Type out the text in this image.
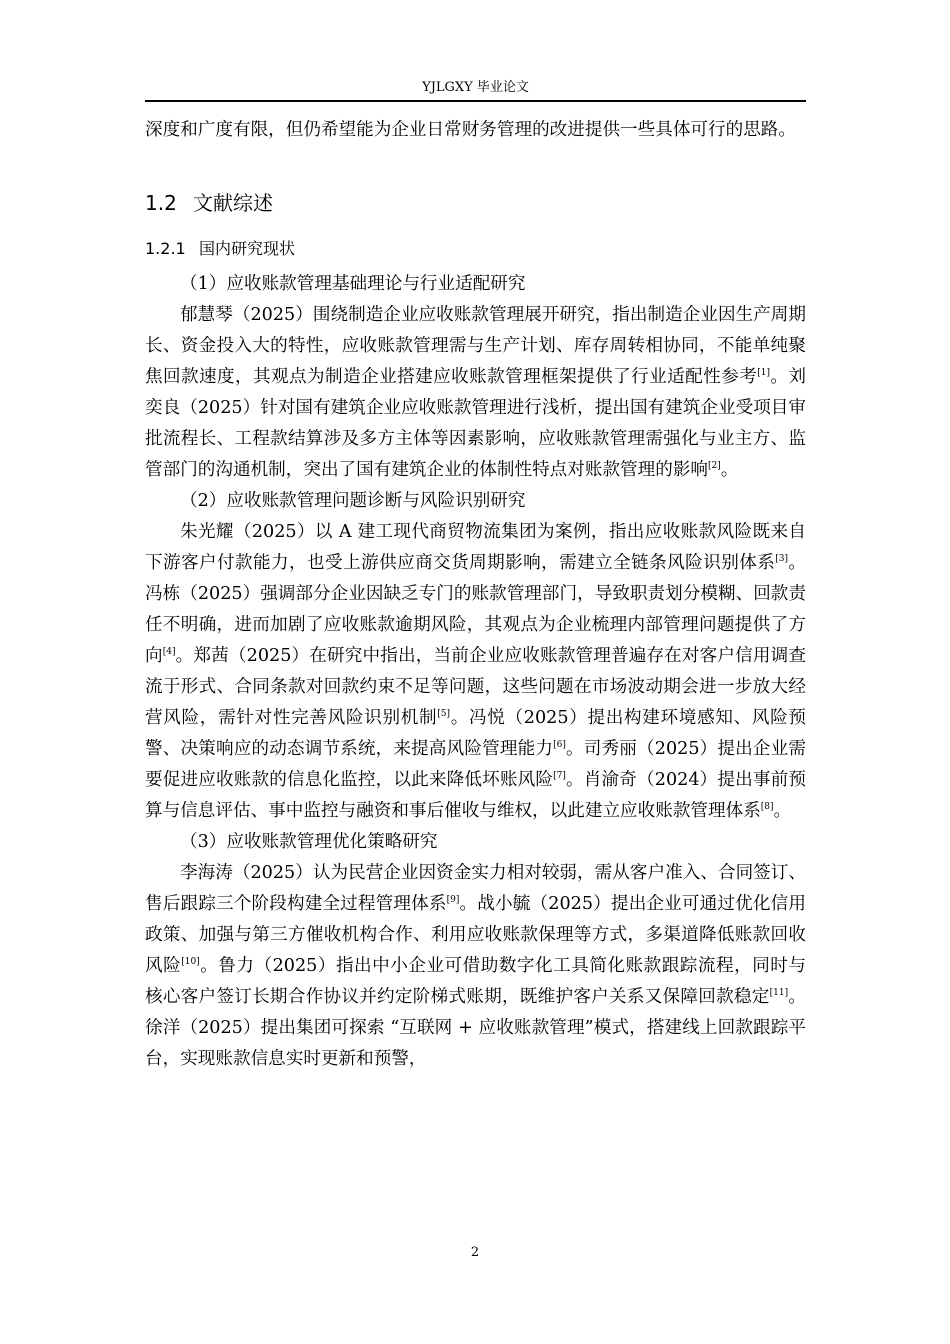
YJLGXY 毕业论文

深度和广度有限，但仍希望能为企业日常财务管理的改进提供一些具体可行的思路。

1.2 文献综述
1.2.1 国内研究现状

（1）应收账款管理基础理论与行业适配研究

郁慧琴（2025）围绕制造企业应收账款管理展开研究，指出制造企业因生产周期长、资金投入大的特性，应收账款管理需与生产计划、库存周转相协同，不能单纯聚焦回款速度，其观点为制造企业搭建应收账款管理框架提供了行业适配性参考[1]。刘奕良（2025）针对国有建筑企业应收账款管理进行浅析，提出国有建筑企业受项目审批流程长、工程款结算涉及多方主体等因素影响，应收账款管理需强化与业主方、监管部门的沟通机制，突出了国有建筑企业的体制性特点对账款管理的影响[2]。

（2）应收账款管理问题诊断与风险识别研究

朱光耀（2025）以 A 建工现代商贸物流集团为案例，指出应收账款风险既来自下游客户付款能力，也受上游供应商交货周期影响，需建立全链条风险识别体系[3]。冯栋（2025）强调部分企业因缺乏专门的账款管理部门，导致职责划分模糊、回款责任不明确，进而加剧了应收账款逾期风险，其观点为企业梳理内部管理问题提供了方向[4]。郑茜（2025）在研究中指出，当前企业应收账款管理普遍存在对客户信用调查流于形式、合同条款对回款约束不足等问题，这些问题在市场波动期会进一步放大经营风险，需针对性完善风险识别机制[5]。冯悦（2025）提出构建环境感知、风险预警、决策响应的动态调节系统，来提高风险管理能力[6]。司秀丽（2025）提出企业需要促进应收账款的信息化监控，以此来降低坏账风险[7]。肖渝奇（2024）提出事前预算与信息评估、事中监控与融资和事后催收与维权，以此建立应收账款管理体系[8]。

（3）应收账款管理优化策略研究

李海涛（2025）认为民营企业因资金实力相对较弱，需从客户准入、合同签订、售后跟踪三个阶段构建全过程管理体系[9]。战小毓（2025）提出企业可通过优化信用政策、加强与第三方催收机构合作、利用应收账款保理等方式，多渠道降低账款回收风险[10]。鲁力（2025）指出中小企业可借助数字化工具简化账款跟踪流程，同时与核心客户签订长期合作协议并约定阶梯式账期，既维护客户关系又保障回款稳定[11]。徐洋（2025）提出集团可探索 “互联网 + 应收账款管理”模式，搭建线上回款跟踪平台，实现账款信息实时更新和预警，

2
